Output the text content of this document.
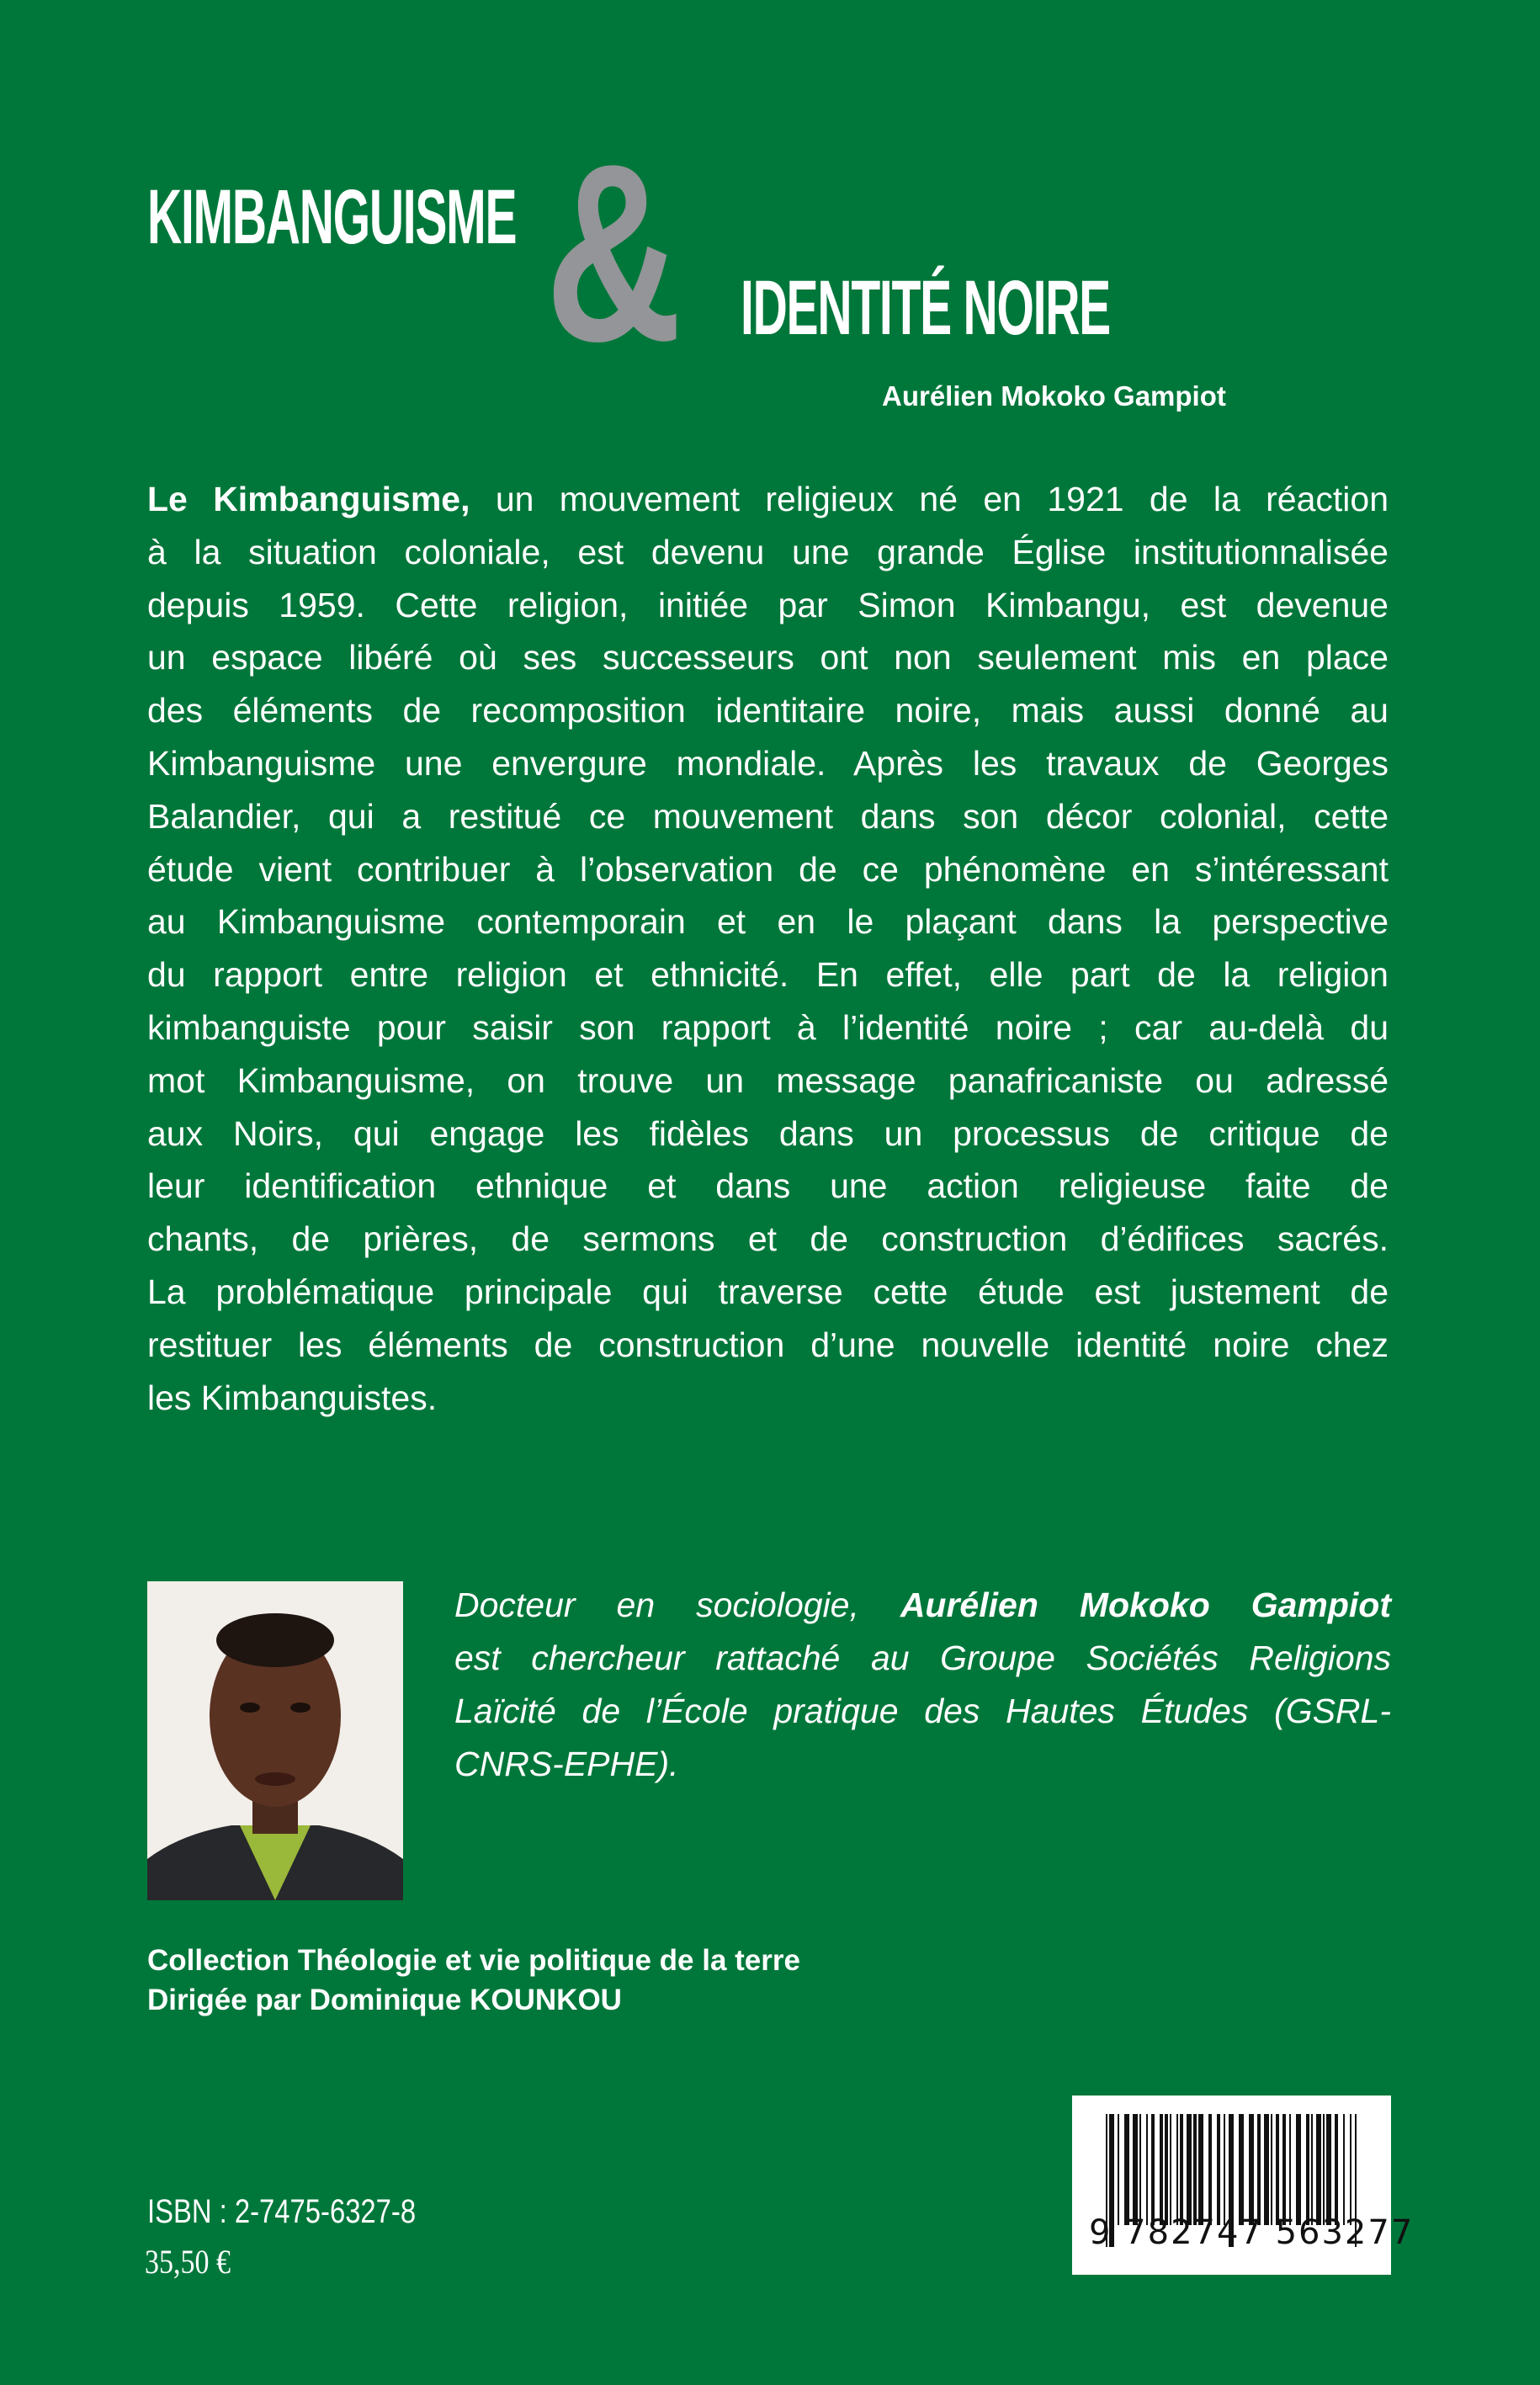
KIMBANGUISME & IDENTITÉ NOIRE
Aurélien Mokoko Gampiot
Le Kimbanguisme, un mouvement religieux né en 1921 de la réaction
à la situation coloniale, est devenu une grande Église institutionnalisée
depuis 1959. Cette religion, initiée par Simon Kimbangu, est devenue
un espace libéré où ses successeurs ont non seulement mis en place
des éléments de recomposition identitaire noire, mais aussi donné au
Kimbanguisme une envergure mondiale. Après les travaux de Georges
Balandier, qui a restitué ce mouvement dans son décor colonial, cette
étude vient contribuer à l’observation de ce phénomène en s’intéressant
au Kimbanguisme contemporain et en le plaçant dans la perspective
du rapport entre religion et ethnicité. En effet, elle part de la religion
kimbanguiste pour saisir son rapport à l’identité noire ; car au-delà du
mot Kimbanguisme, on trouve un message panafricaniste ou adressé
aux Noirs, qui engage les fidèles dans un processus de critique de
leur identification ethnique et dans une action religieuse faite de
chants, de prières, de sermons et de construction d’édifices sacrés.
La problématique principale qui traverse cette étude est justement de
restituer les éléments de construction d’une nouvelle identité noire chez
les Kimbanguistes.
Docteur en sociologie, Aurélien Mokoko Gampiot
est chercheur rattaché au Groupe Sociétés Religions
Laïcité de l’École pratique des Hautes Études (GSRL-
CNRS-EPHE).
Collection Théologie et vie politique de la terre
Dirigée par Dominique KOUNKOU
ISBN : 2-7475-6327-8
35,50 €
9 782747 563277
